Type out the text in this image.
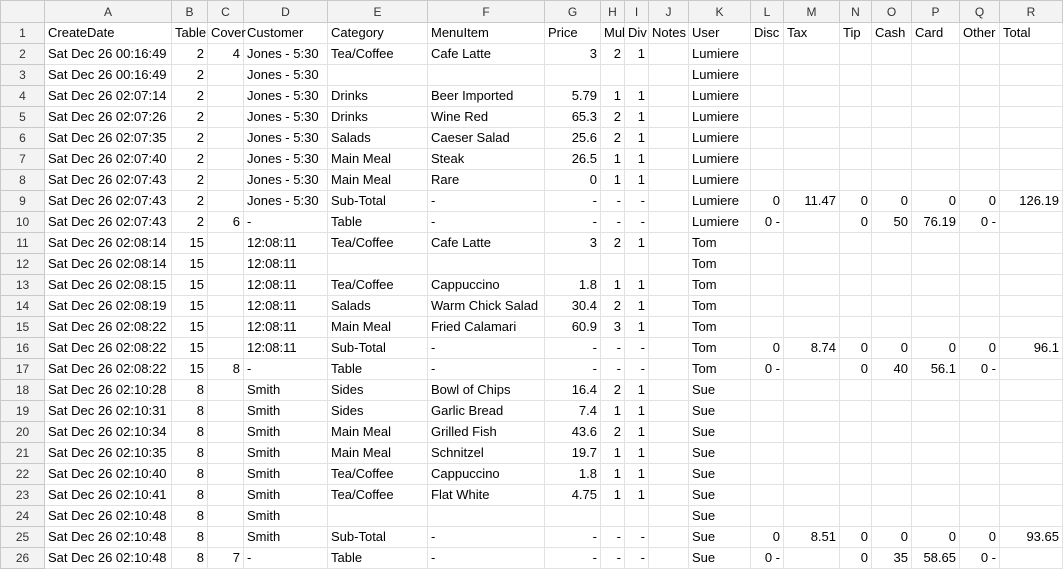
	A	B	C	D	E	F	G	H	I	J	K	L	M	N	O	P	Q	R
1	CreateDate	Table	Cover	Customer	Category	MenuItem	Price	Mul	Div	Notes	User	Disc	Tax	Tip	Cash	Card	Other	Total
2	Sat Dec 26 00:16:49	2	4	Jones - 5:30	Tea/Coffee	Cafe Latte	3	2	1		Lumiere							
3	Sat Dec 26 00:16:49	2		Jones - 5:30							Lumiere							
4	Sat Dec 26 02:07:14	2		Jones - 5:30	Drinks	Beer Imported	5.79	1	1		Lumiere							
5	Sat Dec 26 02:07:26	2		Jones - 5:30	Drinks	Wine Red	65.3	2	1		Lumiere							
6	Sat Dec 26 02:07:35	2		Jones - 5:30	Salads	Caeser Salad	25.6	2	1		Lumiere							
7	Sat Dec 26 02:07:40	2		Jones - 5:30	Main Meal	Steak	26.5	1	1		Lumiere							
8	Sat Dec 26 02:07:43	2		Jones - 5:30	Main Meal	Rare	0	1	1		Lumiere							
9	Sat Dec 26 02:07:43	2		Jones - 5:30	Sub-Total	-	-	-	-		Lumiere	0	11.47	0	0	0	0	126.19
10	Sat Dec 26 02:07:43	2	6	-	Table	-	-	-	-		Lumiere	0 -		0	50	76.19	0 -	
11	Sat Dec 26 02:08:14	15		12:08:11	Tea/Coffee	Cafe Latte	3	2	1		Tom							
12	Sat Dec 26 02:08:14	15		12:08:11							Tom							
13	Sat Dec 26 02:08:15	15		12:08:11	Tea/Coffee	Cappuccino	1.8	1	1		Tom							
14	Sat Dec 26 02:08:19	15		12:08:11	Salads	Warm Chick Salad	30.4	2	1		Tom							
15	Sat Dec 26 02:08:22	15		12:08:11	Main Meal	Fried Calamari	60.9	3	1		Tom							
16	Sat Dec 26 02:08:22	15		12:08:11	Sub-Total	-	-	-	-		Tom	0	8.74	0	0	0	0	96.1
17	Sat Dec 26 02:08:22	15	8	-	Table	-	-	-	-		Tom	0 -		0	40	56.1	0 -	
18	Sat Dec 26 02:10:28	8		Smith	Sides	Bowl of Chips	16.4	2	1		Sue							
19	Sat Dec 26 02:10:31	8		Smith	Sides	Garlic Bread	7.4	1	1		Sue							
20	Sat Dec 26 02:10:34	8		Smith	Main Meal	Grilled Fish	43.6	2	1		Sue							
21	Sat Dec 26 02:10:35	8		Smith	Main Meal	Schnitzel	19.7	1	1		Sue							
22	Sat Dec 26 02:10:40	8		Smith	Tea/Coffee	Cappuccino	1.8	1	1		Sue							
23	Sat Dec 26 02:10:41	8		Smith	Tea/Coffee	Flat White	4.75	1	1		Sue							
24	Sat Dec 26 02:10:48	8		Smith							Sue							
25	Sat Dec 26 02:10:48	8		Smith	Sub-Total	-	-	-	-		Sue	0	8.51	0	0	0	0	93.65
26	Sat Dec 26 02:10:48	8	7	-	Table	-	-	-	-		Sue	0 -		0	35	58.65	0 -	
